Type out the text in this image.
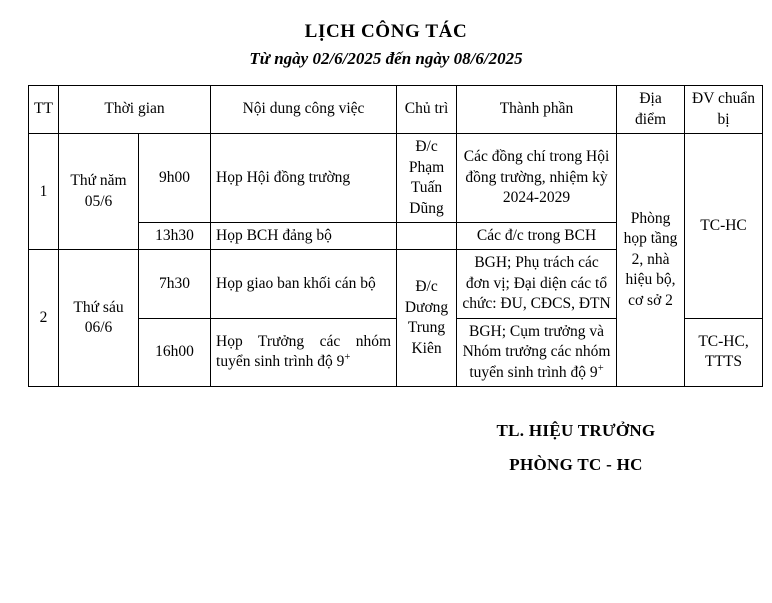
LỊCH CÔNG TÁC
Từ ngày 02/6/2025 đến ngày 08/6/2025
TT	Thời gian		Nội dung công việc	Chủ trì	Thành phần	Địa điểm	ĐV chuẩn bị
1	Thứ năm 05/6	9h00	Họp Hội đồng trường	Đ/c Phạm Tuấn Dũng	Các đồng chí trong Hội đồng trường, nhiệm kỳ 2024-2029	Phòng họp tầng 2, nhà hiệu bộ, cơ sở 2	TC-HC
		13h30	Họp BCH đảng bộ		Các đ/c trong BCH		
2	Thứ sáu 06/6	7h30	Họp giao ban khối cán bộ	Đ/c Dương Trung Kiên	BGH; Phụ trách các đơn vị; Đại diện các tổ chức: ĐU, CĐCS, ĐTN		
		16h00	Họp Trưởng các nhóm tuyển sinh trình độ 9+		BGH; Cụm trưởng và Nhóm trưởng các nhóm tuyển sinh trình độ 9+		TC-HC, TTTS
TL. HIỆU TRƯỞNG
PHÒNG TC - HC
